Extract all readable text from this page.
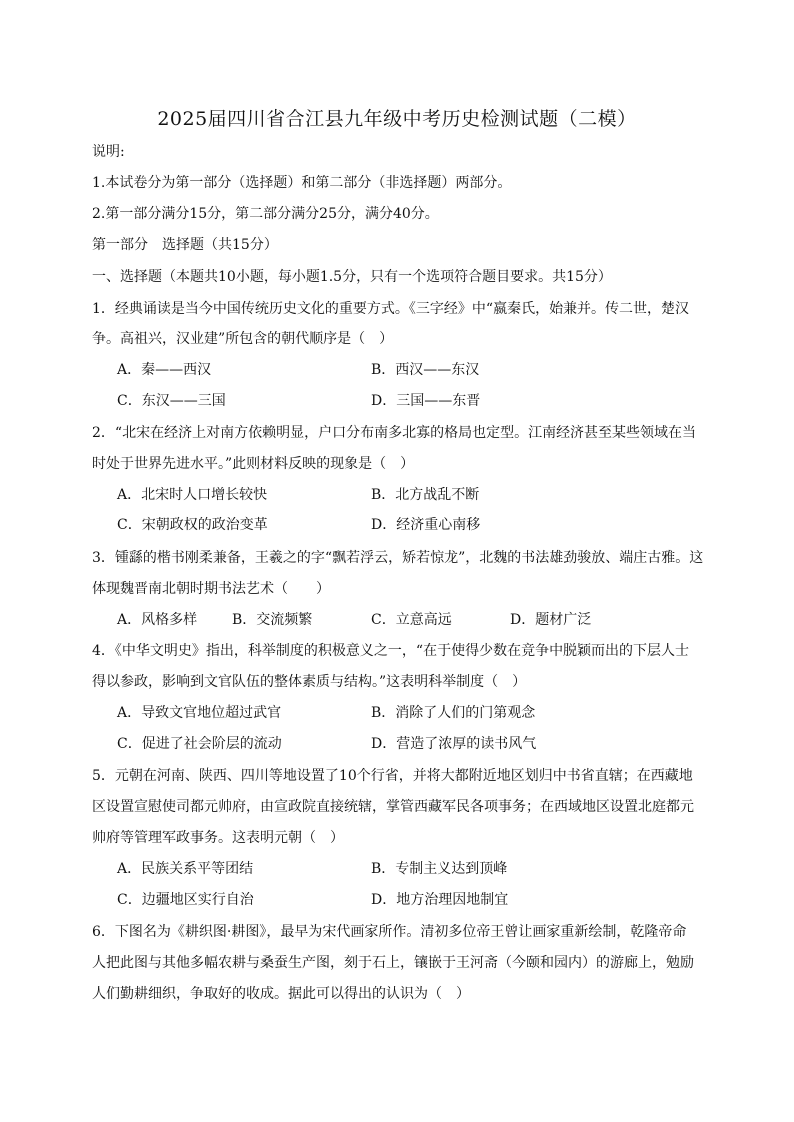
2025届四川省合江县九年级中考历史检测试题（二模）
说明:
1.本试卷分为第一部分（选择题）和第二部分（非选择题）两部分。
2.第一部分满分15分，第二部分满分25分，满分40分。
第一部分　选择题（共15分）
一、选择题（本题共10小题，每小题1.5分，只有一个选项符合题目要求。共15分）
1．经典诵读是当今中国传统历史文化的重要方式。《三字经》中“嬴秦氏，始兼并。传二世，楚汉
争。高祖兴，汉业建”所包含的朝代顺序是（　）
A．秦——西汉	B．西汉——东汉
C．东汉——三国	D．三国——东晋
2．“北宋在经济上对南方依赖明显，户口分布南多北寡的格局也定型。江南经济甚至某些领域在当
时处于世界先进水平。”此则材料反映的现象是（　）
A．北宋时人口增长较快	B．北方战乱不断
C．宋朝政权的政治变革	D．经济重心南移
3．锺繇的楷书刚柔兼备，王羲之的字“飘若浮云，矫若惊龙”，北魏的书法雄劲骏放、端庄古雅。这
体现魏晋南北朝时期书法艺术（　　）
A．风格多样 B．交流频繁	C．立意高远	D．题材广泛
4．《中华文明史》指出，科举制度的积极意义之一，“在于使得少数在竞争中脱颖而出的下层人士
得以参政，影响到文官队伍的整体素质与结构。”这表明科举制度（　）
A．导致文官地位超过武官	B．消除了人们的门第观念
C．促进了社会阶层的流动	D．营造了浓厚的读书风气
5．元朝在河南、陕西、四川等地设置了10个行省，并将大都附近地区划归中书省直辖；在西藏地
区设置宣慰使司都元帅府，由宣政院直接统辖，掌管西藏军民各项事务；在西域地区设置北庭都元
帅府等管理军政事务。这表明元朝（　）
A．民族关系平等团结	B．专制主义达到顶峰
C．边疆地区实行自治	D．地方治理因地制宜
6．下图名为《耕织图·耕图》，最早为宋代画家所作。清初多位帝王曾让画家重新绘制，乾隆帝命
人把此图与其他多幅农耕与桑蚕生产图，刻于石上，镶嵌于王河斋（今颐和园内）的游廊上，勉励
人们勤耕细织，争取好的收成。据此可以得出的认识为（　）
